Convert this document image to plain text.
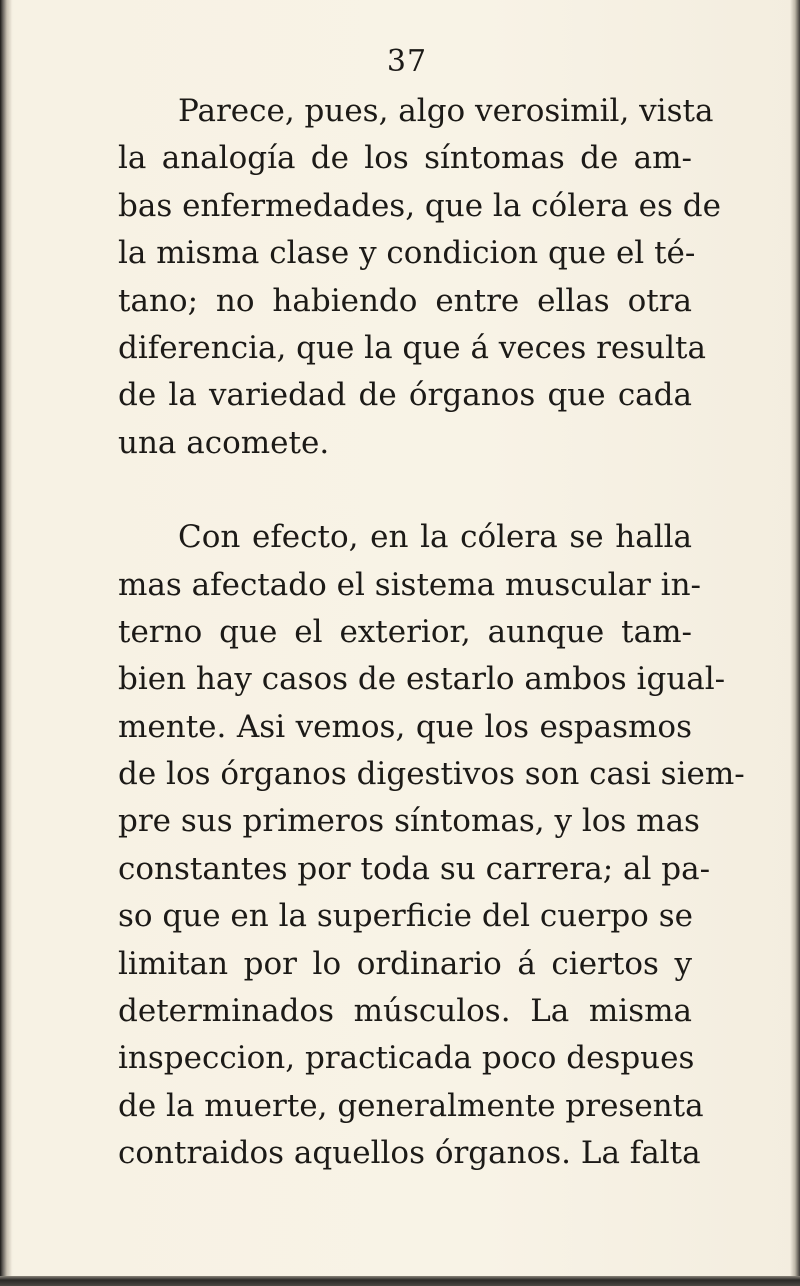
37
Parece, pues, algo verosimil, vista
la analogía de los síntomas de am-
bas enfermedades, que la cólera es de
la misma clase y condicion que el té-
tano; no habiendo entre ellas otra
diferencia, que la que á veces resulta
de la variedad de órganos que cada
una acomete.
Con efecto, en la cólera se halla
mas afectado el sistema muscular in-
terno que el exterior, aunque tam-
bien hay casos de estarlo ambos igual-
mente. Asi vemos, que los espasmos
de los órganos digestivos son casi siem-
pre sus primeros síntomas, y los mas
constantes por toda su carrera; al pa-
so que en la superficie del cuerpo se
limitan por lo ordinario á ciertos y
determinados músculos. La misma
inspeccion, practicada poco despues
de la muerte, generalmente presenta
contraidos aquellos órganos. La falta
